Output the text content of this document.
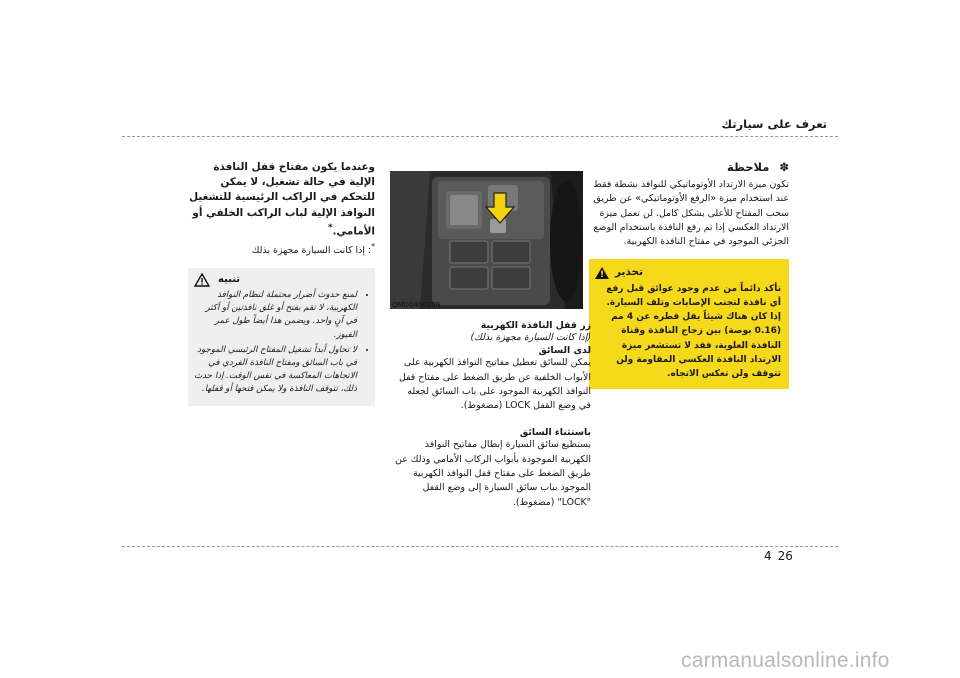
تعرف على سيارتك
✽ ملاحظة
تكون ميزة الارتداد الأوتوماتيكي للنوافذ نشطة فقط عند استخدام ميزة «الرفع الأوتوماتيكي» عن طريق سحب المفتاح للأعلى بشكل كامل. لن تعمل ميزة الارتداد العكسي إذا تم رفع النافذة باستخدام الوضع الجزئي الموجود في مفتاح النافذة الكهربية.
تحذير
!
تأكد دائماً من عدم وجود عوائق قبل رفع أي نافذة لتجنب الإصابات وتلف السيارة. إذا كان هناك شيئاً يقل قطره عن 4 مم (0.16 بوصة) بين زجاج النافذة وقناة النافذة العلوية، فقد لا تستشعر ميزة الارتداد النافذة العكسي المقاومة ولن تتوقف ولن تعكس الاتجاه.
OMD040020N
زر قفل النافذة الكهربية
(إذا كانت السيارة مجهزة بذلك)
لدى السائق
يمكن للسائق تعطيل مفاتيح النوافذ الكهربية على الأبواب الخلفية عن طريق الضغط على مفتاح قفل النوافذ الكهربية الموجود على باب السائق لجعله في وضع القفل LOCK (مضغوط).
باستثناء السائق
يستطيع سائق السيارة إبطال مفاتيح النوافذ الكهربية الموجودة بأبواب الركاب الأمامي وذلك عن طريق الضغط على مفتاح قفل النوافذ الكهربية الموجود بباب سائق السيارة إلى وضع القفل "LOCK" (مضغوط).
وعندما يكون مفتاح قفل النافذة الإلية في حالة تشغيل، لا يمكن للتحكم في الراكب الرئيسية للتشغيل النوافذ الإلية لباب الراكب الخلفي أو الأمامي.*
*: إذا كانت السيارة مجهزة بذلك
تنبيه
• لمنع حدوث أضرار محتملة لنظام النوافذ الكهربية، لا تقم بفتح أو غلق نافذتين أو أكثر في آنٍ واحد. ويضمن هذا أيضاً طول عمر الفيوز.
• لا تحاول أبداً تشغيل المفتاح الرئيسي الموجود في باب السائق ومفتاح النافذة الفردي في الاتجاهات المعاكسة في نفس الوقت. إذا حدث ذلك، تتوقف النافذة ولا يمكن فتحها أو قفلها.
4 26
carmanualsonline.info
